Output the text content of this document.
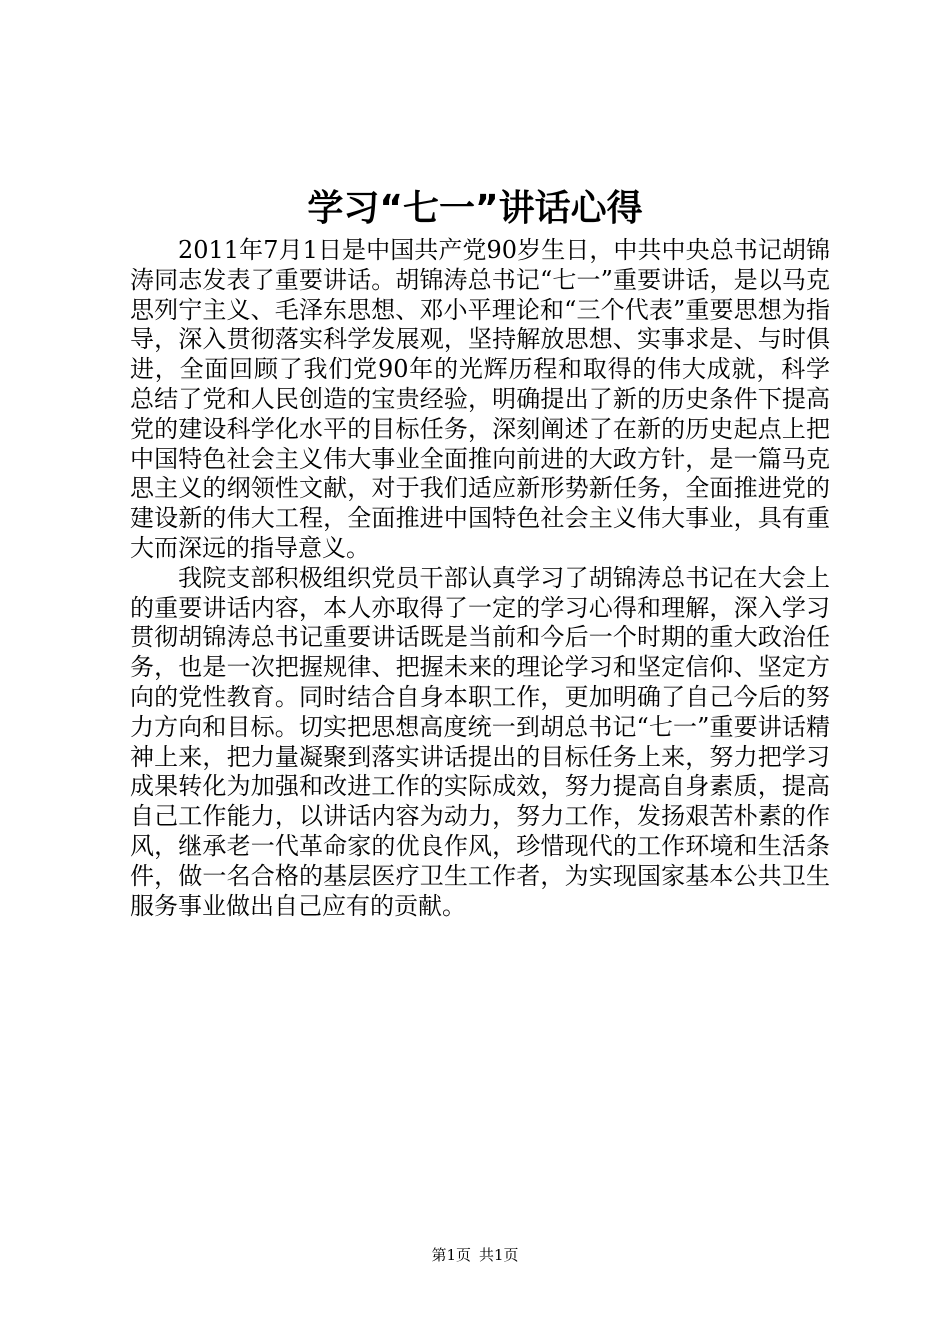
学习“七一”讲话心得

2011年7月1日是中国共产党90岁生日，中共中央总书记胡锦涛同志发表了重要讲话。胡锦涛总书记“七一”重要讲话，是以马克思列宁主义、毛泽东思想、邓小平理论和“三个代表”重要思想为指导，深入贯彻落实科学发展观，坚持解放思想、实事求是、与时俱进，全面回顾了我们党90年的光辉历程和取得的伟大成就，科学总结了党和人民创造的宝贵经验，明确提出了新的历史条件下提高党的建设科学化水平的目标任务，深刻阐述了在新的历史起点上把中国特色社会主义伟大事业全面推向前进的大政方针，是一篇马克思主义的纲领性文献，对于我们适应新形势新任务，全面推进党的建设新的伟大工程，全面推进中国特色社会主义伟大事业，具有重大而深远的指导意义。

我院支部积极组织党员干部认真学习了胡锦涛总书记在大会上的重要讲话内容，本人亦取得了一定的学习心得和理解，深入学习贯彻胡锦涛总书记重要讲话既是当前和今后一个时期的重大政治任务，也是一次把握规律、把握未来的理论学习和坚定信仰、坚定方向的党性教育。同时结合自身本职工作，更加明确了自己今后的努力方向和目标。切实把思想高度统一到胡总书记“七一”重要讲话精神上来，把力量凝聚到落实讲话提出的目标任务上来，努力把学习成果转化为加强和改进工作的实际成效，努力提高自身素质，提高自己工作能力，以讲话内容为动力，努力工作，发扬艰苦朴素的作风，继承老一代革命家的优良作风，珍惜现代的工作环境和生活条件，做一名合格的基层医疗卫生工作者，为实现国家基本公共卫生服务事业做出自己应有的贡献。

第1页 共1页
